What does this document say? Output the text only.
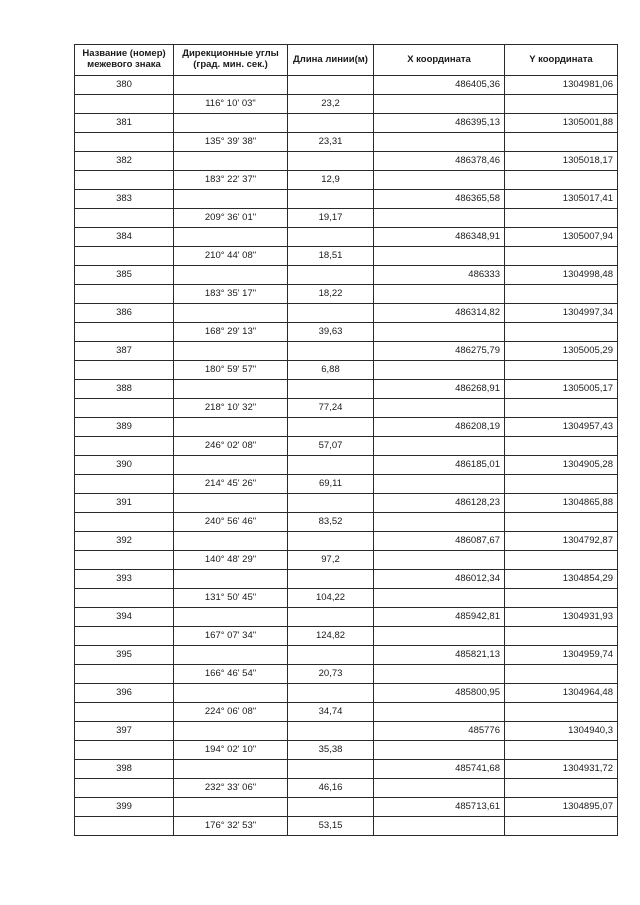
Название (номер) межевого знака	Дирекционные углы (град. мин. сек.)	Длина линии(м)	X координата	Y координата
380			486405,36	1304981,06
	116° 10' 03"	23,2		
381			486395,13	1305001,88
	135° 39' 38"	23,31		
382			486378,46	1305018,17
	183° 22' 37"	12,9		
383			486365,58	1305017,41
	209° 36' 01"	19,17		
384			486348,91	1305007,94
	210° 44' 08"	18,51		
385			486333	1304998,48
	183° 35' 17"	18,22		
386			486314,82	1304997,34
	168° 29' 13"	39,63		
387			486275,79	1305005,29
	180° 59' 57"	6,88		
388			486268,91	1305005,17
	218° 10' 32"	77,24		
389			486208,19	1304957,43
	246° 02' 08"	57,07		
390			486185,01	1304905,28
	214° 45' 26"	69,11		
391			486128,23	1304865,88
	240° 56' 46"	83,52		
392			486087,67	1304792,87
	140° 48' 29"	97,2		
393			486012,34	1304854,29
	131° 50' 45"	104,22		
394			485942,81	1304931,93
	167° 07' 34"	124,82		
395			485821,13	1304959,74
	166° 46' 54"	20,73		
396			485800,95	1304964,48
	224° 06' 08"	34,74		
397			485776	1304940,3
	194° 02' 10"	35,38		
398			485741,68	1304931,72
	232° 33' 06"	46,16		
399			485713,61	1304895,07
	176° 32' 53"	53,15		
